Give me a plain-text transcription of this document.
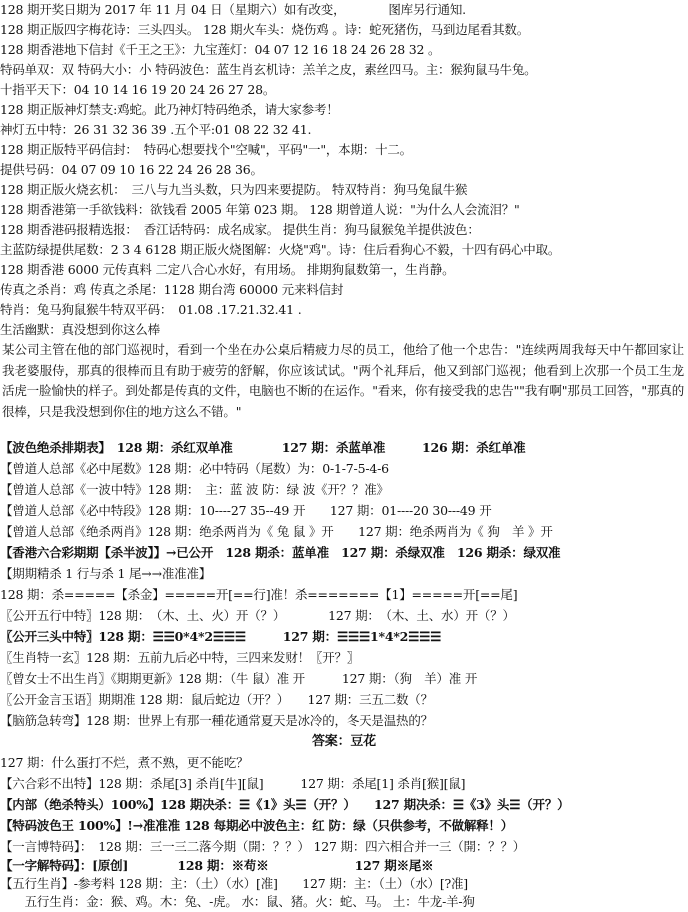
128 期开奖日期为 2017 年 11 月 04 日（星期六）如有改变，　　　　图库另行通知.
128 期正版四字梅花诗：三头四头。 128 期火车头：烧伤鸡 。诗：蛇死猪伤，马到边尾看其数。
128 期香港地下信封《千王之王》：九宝莲灯：04 07 12 16 18 24 26 28 32 。
特码单双：双 特码大小：小 特码波色：蓝生肖玄机诗：羔羊之皮，素丝四马。主：猴狗鼠马牛兔。
十指平天下：04 10 14 16 19 20 24 26 27 28。
128 期正版神灯禁支:鸡蛇。此乃神灯特码绝杀，请大家参考！
神灯五中特：26 31 32 36 39 .五个平:01 08 22 32 41.
128 期正版特平码信封：　特码心想要找个"空喊"，平码"一"，本期：十二。
提供号码：04 07 09 10 16 22 24 26 28 36。
128 期正版火烧玄机：　三八与九当头数，只为四来要提防。 特双特肖：狗马兔鼠牛猴
128 期香港第一手欲钱料：欲钱看 2005 年第 023 期。 128 期曾道人说："为什么人会流泪？"
128 期香港码报精选报：　香江话特码：成名成家。 提供生肖：狗马鼠猴兔羊提供波色：
主蓝防绿提供尾数：2 3 4 6128 期正版火烧图解：火烧"鸡"。诗：住后看狗心不毅，十四有码心中取。
128 期香港 6000 元传真料 二定八合心水好，有用场。 排期狗鼠数第一，生肖静。
传真之杀肖：鸡 传真之杀尾：1128 期台湾 60000 元来料信封
特肖：兔马狗鼠猴牛特双平码：　01.08 .17.21.32.41 .
生活幽默：真没想到你这么棒
某公司主管在他的部门巡视时，看到一个坐在办公桌后精疲力尽的员工，他给了他一个忠告："连续两周我每天中午都回家让我老婆服侍，那真的很棒而且有助于疲劳的舒解，你应该试试。"两个礼拜后，他又到部门巡视；他看到上次那一个员工生龙活虎一脸愉快的样子。到处都是传真的文件，电脑也不断的在运作。"看来，你有接受我的忠告""我有啊"那员工回答，"那真的很棒，只是我没想到你住的地方这么不错。"
【波色绝杀排期表】　128 期：杀红双单准　　　　127 期：杀蓝单准　　　126 期：杀红单准
【曾道人总部《必中尾数》128 期：必中特码（尾数）为：0-1-7-5-4-6
【曾道人总部《一波中特》128 期：　主：蓝 波 防：绿 波《开？？准》
【曾道人总部《必中特段》128 期：10----27 35--49 开　　127 期：01----20 30---49 开
【曾道人总部《绝杀两肖》128 期：绝杀两肖为《 兔 鼠 》开　　127 期：绝杀两肖为《 狗　羊 》开
【香港六合彩期期【杀半波】】→已公开　128 期杀：蓝单准　127 期：杀绿双准　126 期杀：绿双准
【期期精杀 1 行与杀 1 尾→→准准准】
128 期：杀=====【杀金】=====开[==行]准！杀=======【1】=====开[==尾]
〖公开五行中特〗128 期：　（木、土、火）开（？）　　　　127 期：　（木、土、水）开（？）
〖公开三头中特〗128 期：☰☰0*4*2☰☰☰　　　127 期：☰☰☰1*4*2☰☰☰
〖生肖特一玄〗128 期：五前九后必中特，三四来发财！〖开？〗
〖曾女士不出生肖〗《期期更新》128 期：（牛 鼠）准 开　　　127 期：（狗　羊）准 开
〖公开金言玉语〗期期准 128 期：鼠后蛇边（开？）　　127 期：三五二数（？
【脑筋急转弯】128 期：世界上有那一種花通常夏天是冰冷的，冬天是温热的？
答案：豆花
127 期：什么蛋打不烂，煮不熟，更不能吃？
【六合彩不出特】128 期：杀尾[3] 杀肖[牛][鼠]　　　127 期：杀尾[1] 杀肖[猴][鼠]
【内部（绝杀特头）100%】128 期决杀：☰《1》头☰（开？）　　127 期决杀：☰《3》头☰（开？）
【特码波色王 100%】!→准准准 128 每期必中波色主：红 防：绿（只供参考，不做解释！）
【一言博特码】：　128 期：三一三二落今期（開：？？） 127 期：四六相合并一三（開：？？）
【一字解特码】：[原创]　　　　128 期：※苟※　　　　　　　127 期※尾※
【五行生肖】-参考料 128 期：主：（土）（水）[准]　　127 期：主：（土）（水）[?准]
　　五行生肖：金：猴、鸡。木：兔、-虎。 水：鼠、猪。火：蛇、马。 土：牛龙-羊-狗
